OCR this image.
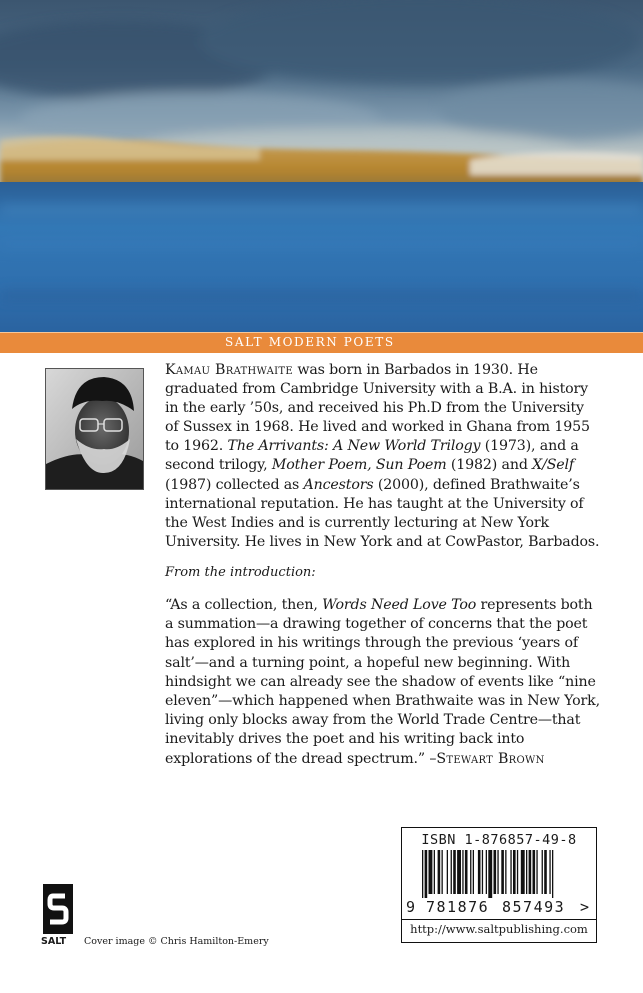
SALT MODERN POETS

Kamau Brathwaite was born in Barbados in 1930. He graduated from Cambridge University with a B.A. in history in the early ’50s, and received his Ph.D from the University of Sussex in 1968. He lived and worked in Ghana from 1955 to 1962. The Arrivants: A New World Trilogy (1973), and a second trilogy, Mother Poem, Sun Poem (1982) and X/Self (1987) collected as Ancestors (2000), defined Brathwaite’s international reputation. He has taught at the University of the West Indies and is currently lecturing at New York University. He lives in New York and at CowPastor, Barbados.

From the introduction:

“As a collection, then, Words Need Love Too represents both a summation—a drawing together of concerns that the poet has explored in his writings through the previous ‘years of salt’—and a turning point, a hopeful new beginning. With hindsight we can already see the shadow of events like “nine eleven”—which happened when Brathwaite was in New York, living only blocks away from the World Trade Centre—that inevitably drives the poet and his writing back into explorations of the dread spectrum.” –Stewart Brown

ISBN 1-876857-49-8
9 781876 857493 >
http://www.saltpublishing.com
SALT Cover image © Chris Hamilton-Emery
